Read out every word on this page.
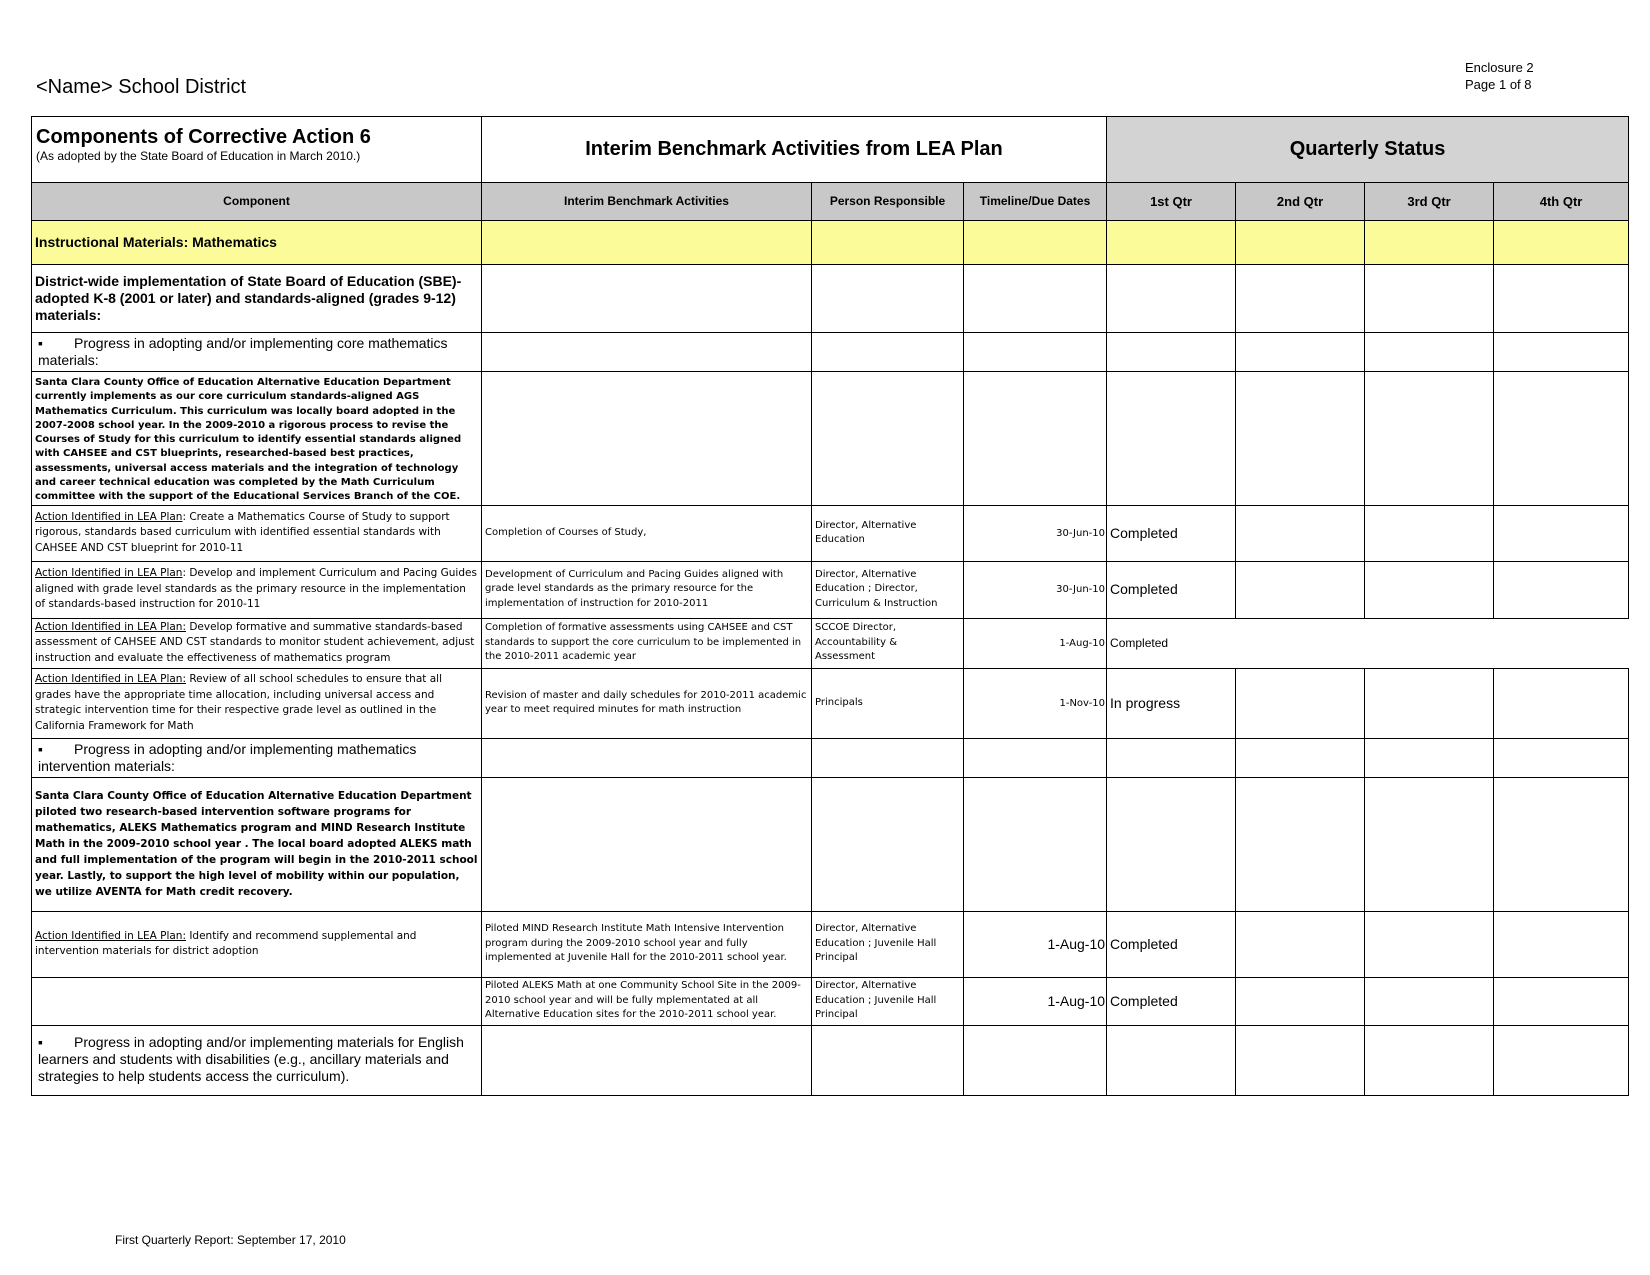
Enclosure 2
Page 1 of 8
<Name> School District
Components of Corrective Action 6
(As adopted by the State Board of Education in March 2010.)	Interim Benchmark Activities from LEA Plan			Quarterly Status			
Component	Interim Benchmark Activities	Person Responsible	Timeline/Due Dates	1st Qtr	2nd Qtr	3rd Qtr	4th Qtr
Instructional Materials: Mathematics							
District-wide implementation of State Board of Education (SBE)-adopted K-8 (2001 or later) and standards-aligned (grades 9-12) materials:							
▪ Progress in adopting and/or implementing core mathematics materials:							
Santa Clara County Office of Education Alternative Education Department currently implements as our core curriculum standards-aligned AGS Mathematics Curriculum. This curriculum was locally board adopted in the 2007-2008 school year. In the 2009-2010 a rigorous process to revise the Courses of Study for this curriculum to identify essential standards aligned with CAHSEE and CST blueprints, researched-based best practices, assessments, universal access materials and the integration of technology and career technical education was completed by the Math Curriculum committee with the support of the Educational Services Branch of the COE.							
Action Identified in LEA Plan: Create a Mathematics Course of Study to support rigorous, standards based curriculum with identified essential standards with CAHSEE AND CST blueprint for 2010-11	Completion of Courses of Study,	Director, Alternative Education	30-Jun-10	Completed			
Action Identified in LEA Plan: Develop and implement Curriculum and Pacing Guides aligned with grade level standards as the primary resource in the implementation of standards-based instruction for 2010-11	Development of Curriculum and Pacing Guides aligned with grade level standards as the primary resource for the implementation of instruction for 2010-2011	Director, Alternative Education ; Director, Curriculum & Instruction	30-Jun-10	Completed			
Action Identified in LEA Plan: Develop formative and summative standards-based assessment of CAHSEE AND CST standards to monitor student achievement, adjust instruction and evaluate the effectiveness of mathematics program	Completion of formative assessments using CAHSEE and CST standards to support the core curriculum to be implemented in the 2010-2011 academic year	SCCOE Director, Accountability & Assessment	1-Aug-10	Completed			
Action Identified in LEA Plan: Review of all school schedules to ensure that all grades have the appropriate time allocation, including universal access and strategic intervention time for their respective grade level as outlined in the California Framework for Math	Revision of master and daily schedules for 2010-2011 academic year to meet required minutes for math instruction	Principals	1-Nov-10	In progress			
▪ Progress in adopting and/or implementing mathematics intervention materials:							
Santa Clara County Office of Education Alternative Education Department piloted two research-based intervention software programs for mathematics, ALEKS Mathematics program and MIND Research Institute Math in the 2009-2010 school year . The local board adopted ALEKS math and full implementation of the program will begin in the 2010-2011 school year. Lastly, to support the high level of mobility within our population, we utilize AVENTA for Math credit recovery.							
Action Identified in LEA Plan: Identify and recommend supplemental and intervention materials for district adoption	Piloted MIND Research Institute Math Intensive Intervention program during the 2009-2010 school year and fully implemented at Juvenile Hall for the 2010-2011 school year.	Director, Alternative Education ; Juvenile Hall Principal	1-Aug-10	Completed			
	Piloted ALEKS Math at one Community School Site in the 2009-2010 school year and will be fully mplementated at all Alternative Education sites for the 2010-2011 school year.	Director, Alternative Education ; Juvenile Hall Principal	1-Aug-10	Completed			
▪ Progress in adopting and/or implementing materials for English learners and students with disabilities (e.g., ancillary materials and strategies to help students access the curriculum).							
First Quarterly Report: September 17, 2010
